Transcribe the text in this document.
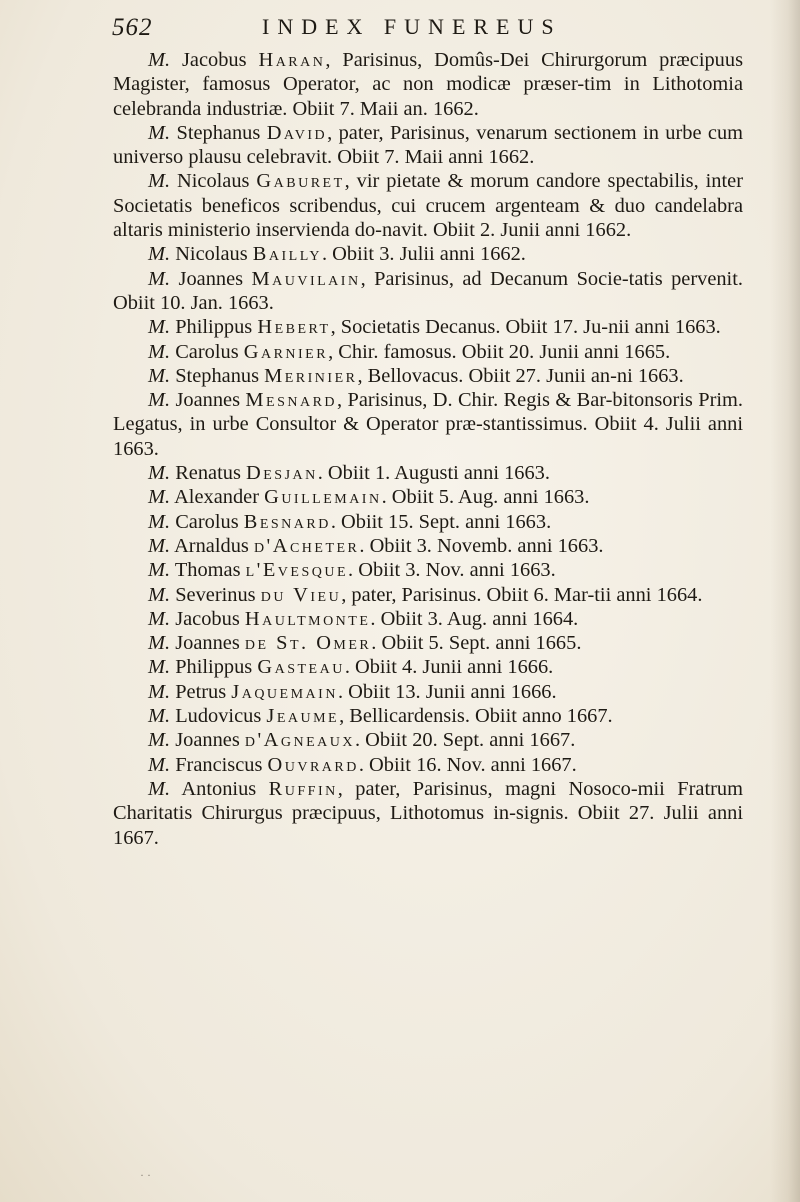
562	INDEX FUNEREUS

M. Jacobus Haran, Parisinus, Domûs-Dei Chirurgorum præcipuus Magister, famosus Operator, ac non modicæ præser-tim in Lithotomia celebranda industriæ. Obiit 7. Maii an. 1662.

M. Stephanus David, pater, Parisinus, venarum sectionem in urbe cum universo plausu celebravit. Obiit 7. Maii anni 1662.

M. Nicolaus Gaburet, vir pietate & morum candore spectabilis, inter Societatis beneficos scribendus, cui crucem argenteam & duo candelabra altaris ministerio inservienda do-navit. Obiit 2. Junii anni 1662.

M. Nicolaus Bailly. Obiit 3. Julii anni 1662.

M. Joannes Mauvilain, Parisinus, ad Decanum Socie-tatis pervenit. Obiit 10. Jan. 1663.

M. Philippus Hebert, Societatis Decanus. Obiit 17. Ju-nii anni 1663.

M. Carolus Garnier, Chir. famosus. Obiit 20. Junii anni 1665.

M. Stephanus Merinier, Bellovacus. Obiit 27. Junii an-ni 1663.

M. Joannes Mesnard, Parisinus, D. Chir. Regis & Bar-bitonsoris Prim. Legatus, in urbe Consultor & Operator præ-stantissimus. Obiit 4. Julii anni 1663.

M. Renatus Desjan. Obiit 1. Augusti anni 1663.

M. Alexander Guillemain. Obiit 5. Aug. anni 1663.

M. Carolus Besnard. Obiit 15. Sept. anni 1663.

M. Arnaldus d'Acheter. Obiit 3. Novemb. anni 1663.

M. Thomas l'Evesque. Obiit 3. Nov. anni 1663.

M. Severinus du Vieu, pater, Parisinus. Obiit 6. Mar-tii anni 1664.

M. Jacobus Haultmonte. Obiit 3. Aug. anni 1664.

M. Joannes de St. Omer. Obiit 5. Sept. anni 1665.

M. Philippus Gasteau. Obiit 4. Junii anni 1666.

M. Petrus Jaquemain. Obiit 13. Junii anni 1666.

M. Ludovicus Jeaume, Bellicardensis. Obiit anno 1667.

M. Joannes d'Agneaux. Obiit 20. Sept. anni 1667.

M. Franciscus Ouvrard. Obiit 16. Nov. anni 1667.

M. Antonius Ruffin, pater, Parisinus, magni Nosoco-mii Fratrum Charitatis Chirurgus præcipuus, Lithotomus in-signis. Obiit 27. Julii anni 1667.

· ·
